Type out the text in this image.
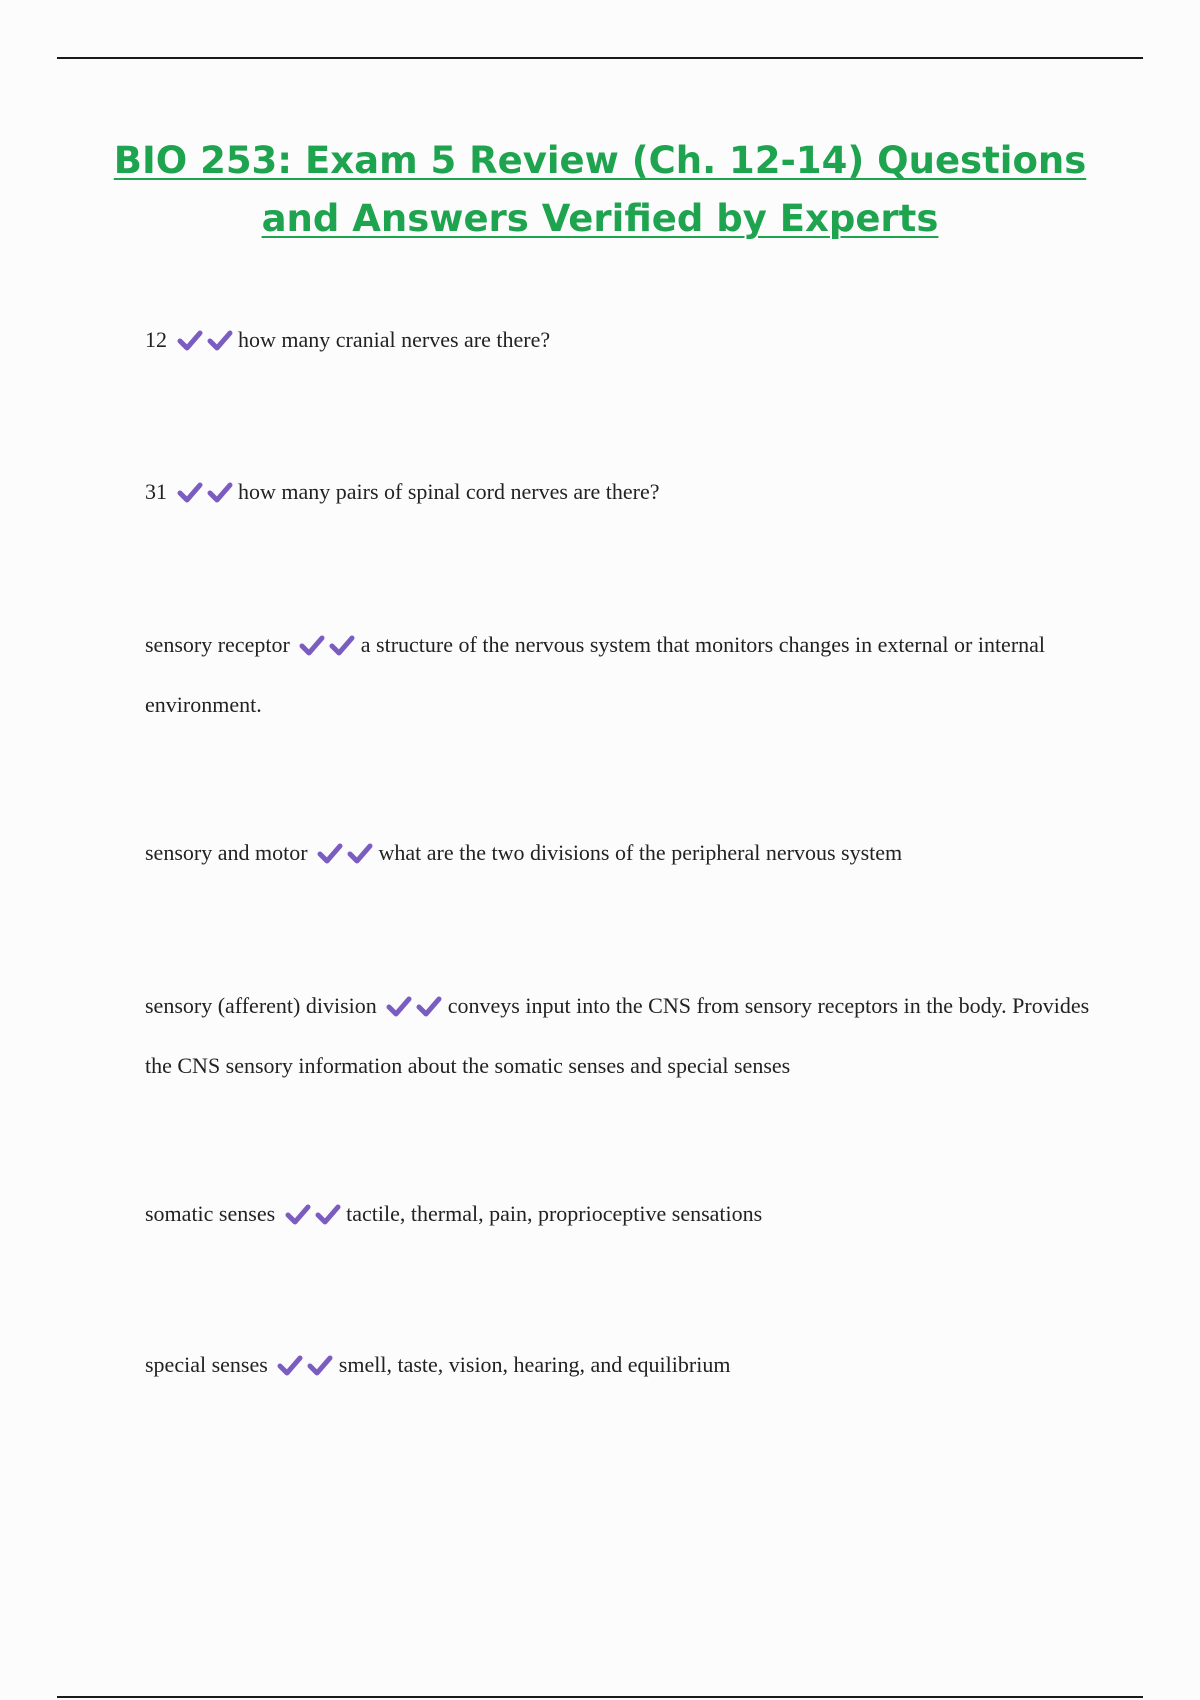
BIO 253: Exam 5 Review (Ch. 12-14) Questions
and Answers Verified by Experts

12	how many cranial nerves are there?

31	how many pairs of spinal cord nerves are there?

sensory receptor	a structure of the nervous system that monitors changes in external or internal environment.

sensory and motor	what are the two divisions of the peripheral nervous system

sensory (afferent) division	conveys input into the CNS from sensory receptors in the body. Provides the CNS sensory information about the somatic senses and special senses

somatic senses	tactile, thermal, pain, proprioceptive sensations

special senses	smell, taste, vision, hearing, and equilibrium
